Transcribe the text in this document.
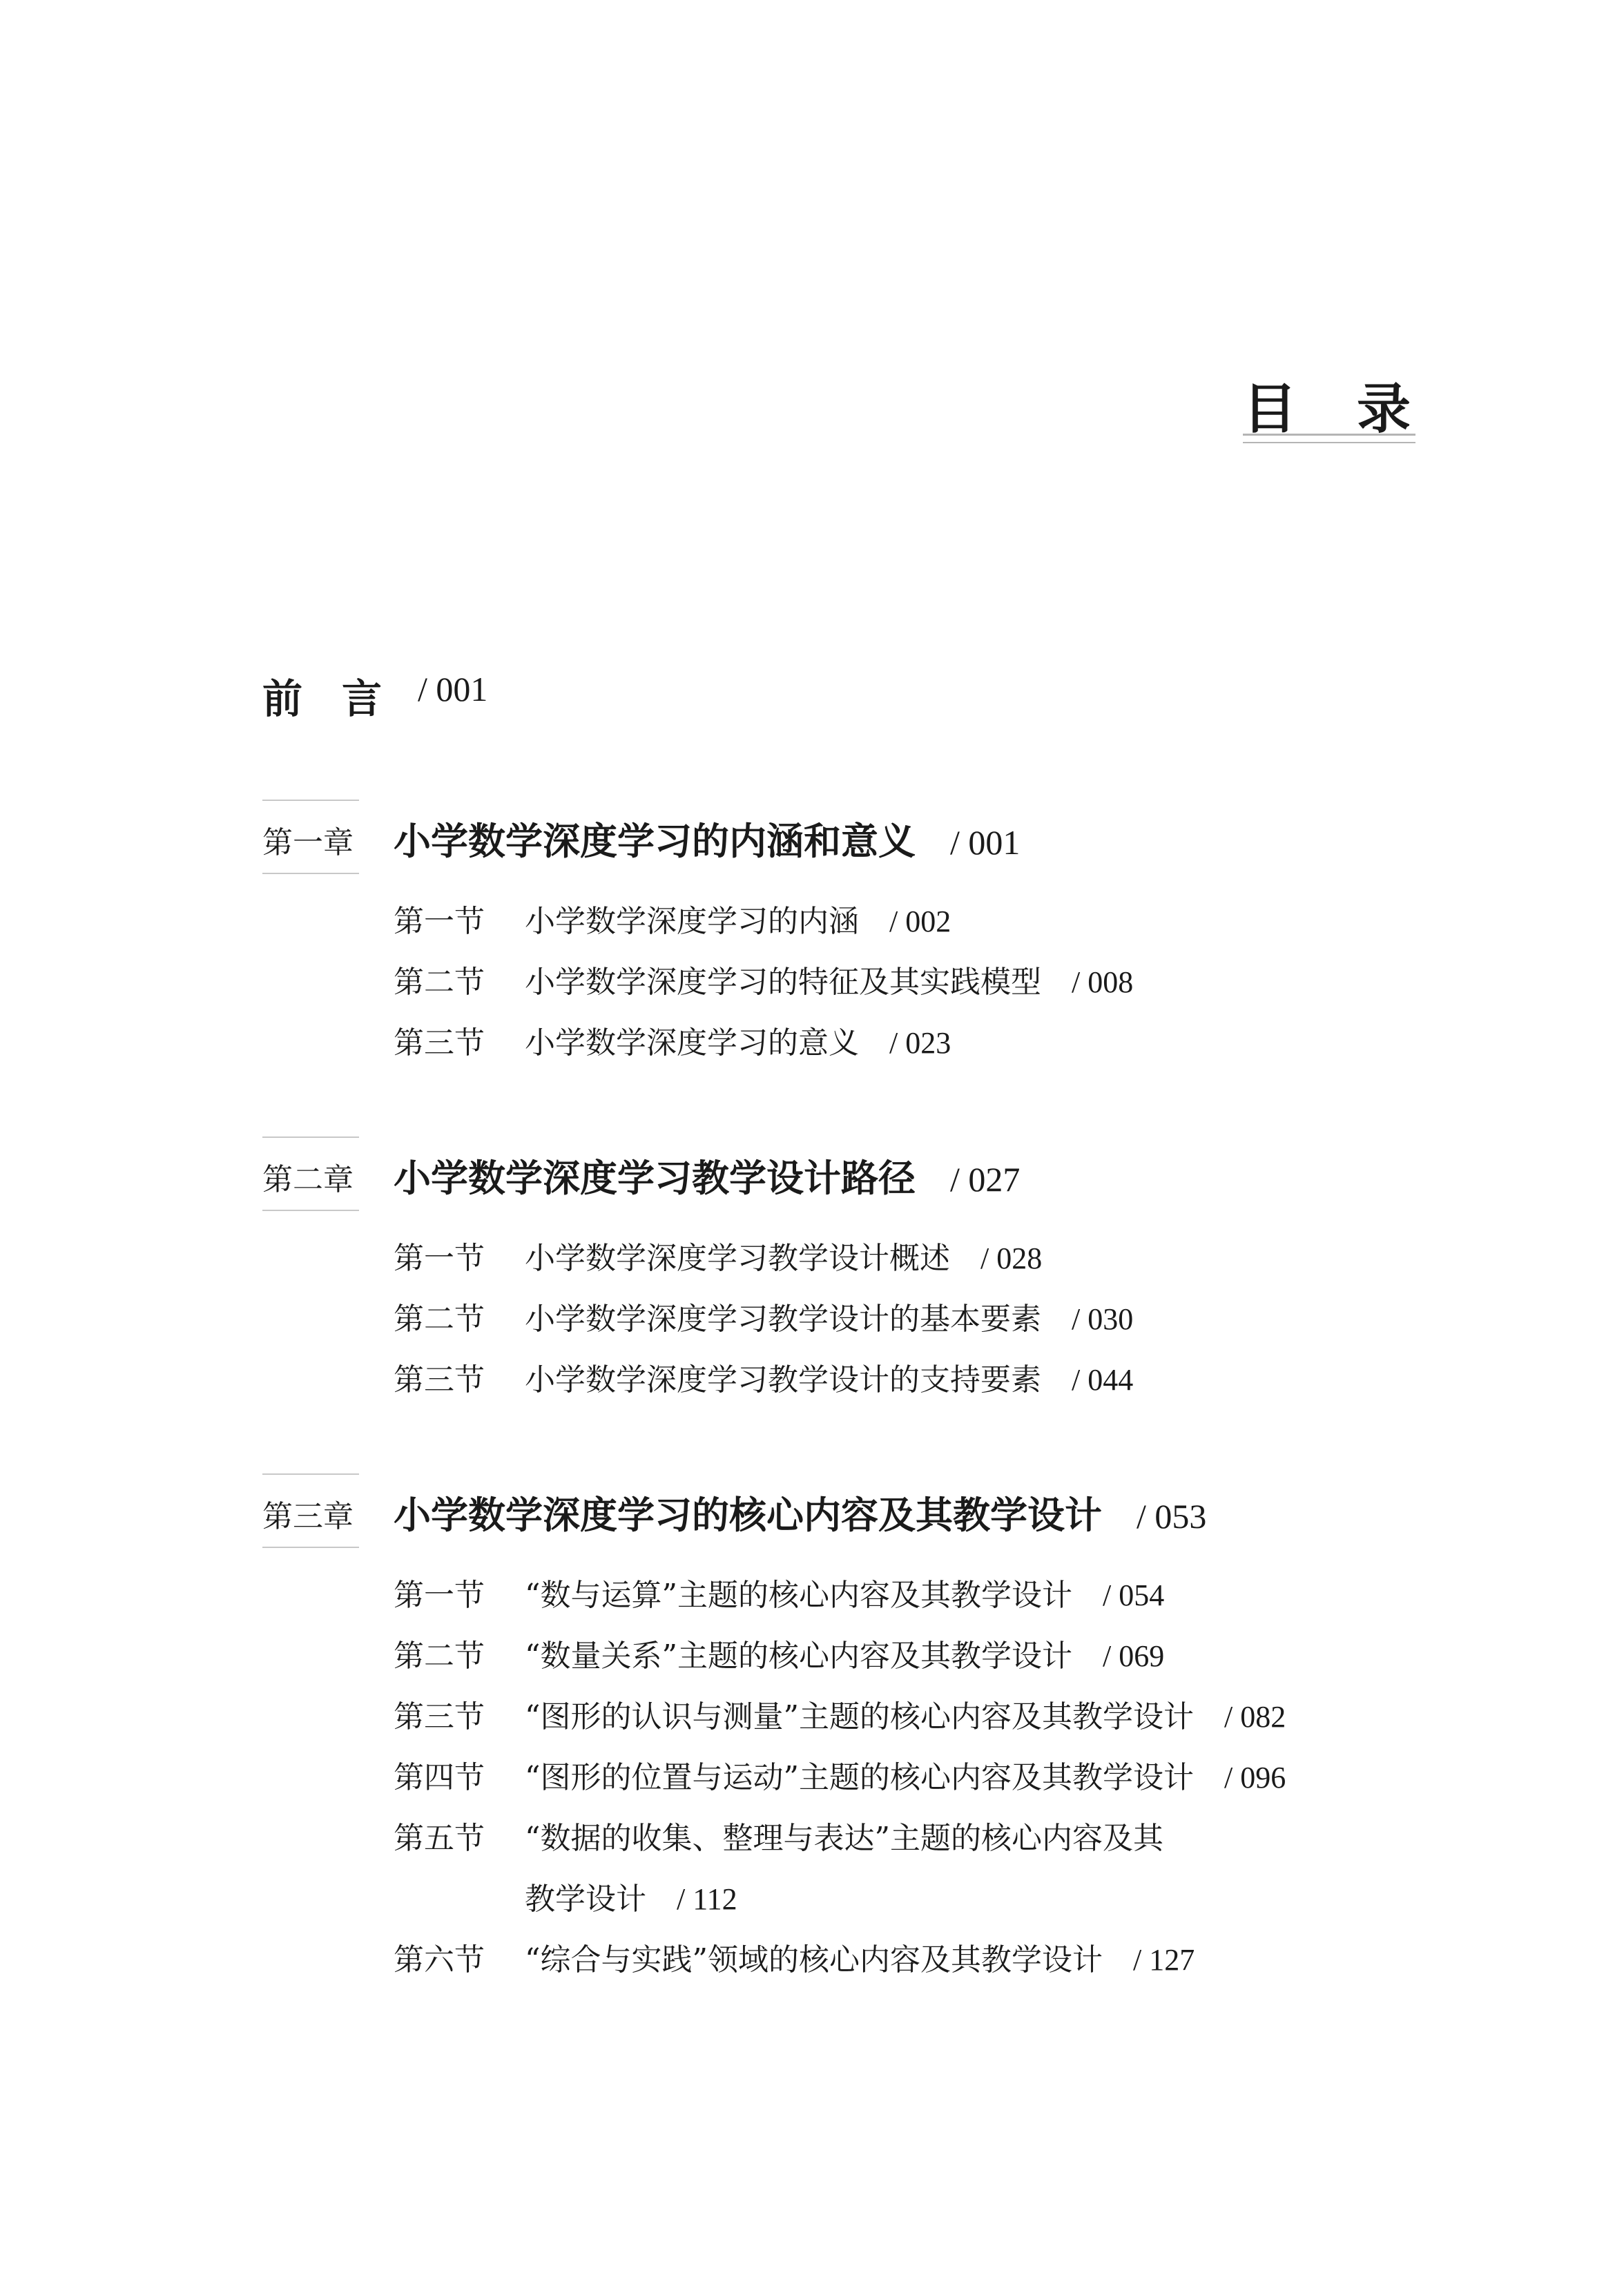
目 录
前 言 / 001
第一章 小学数学深度学习的内涵和意义 / 001
第一节 小学数学深度学习的内涵 / 002
第二节 小学数学深度学习的特征及其实践模型 / 008
第三节 小学数学深度学习的意义 / 023
第二章 小学数学深度学习教学设计路径 / 027
第一节 小学数学深度学习教学设计概述 / 028
第二节 小学数学深度学习教学设计的基本要素 / 030
第三节 小学数学深度学习教学设计的支持要素 / 044
第三章 小学数学深度学习的核心内容及其教学设计 / 053
第一节 “数与运算”主题的核心内容及其教学设计 / 054
第二节 “数量关系”主题的核心内容及其教学设计 / 069
第三节 “图形的认识与测量”主题的核心内容及其教学设计 / 082
第四节 “图形的位置与运动”主题的核心内容及其教学设计 / 096
第五节 “数据的收集、整理与表达”主题的核心内容及其
教学设计 / 112
第六节 “综合与实践”领域的核心内容及其教学设计 / 127
